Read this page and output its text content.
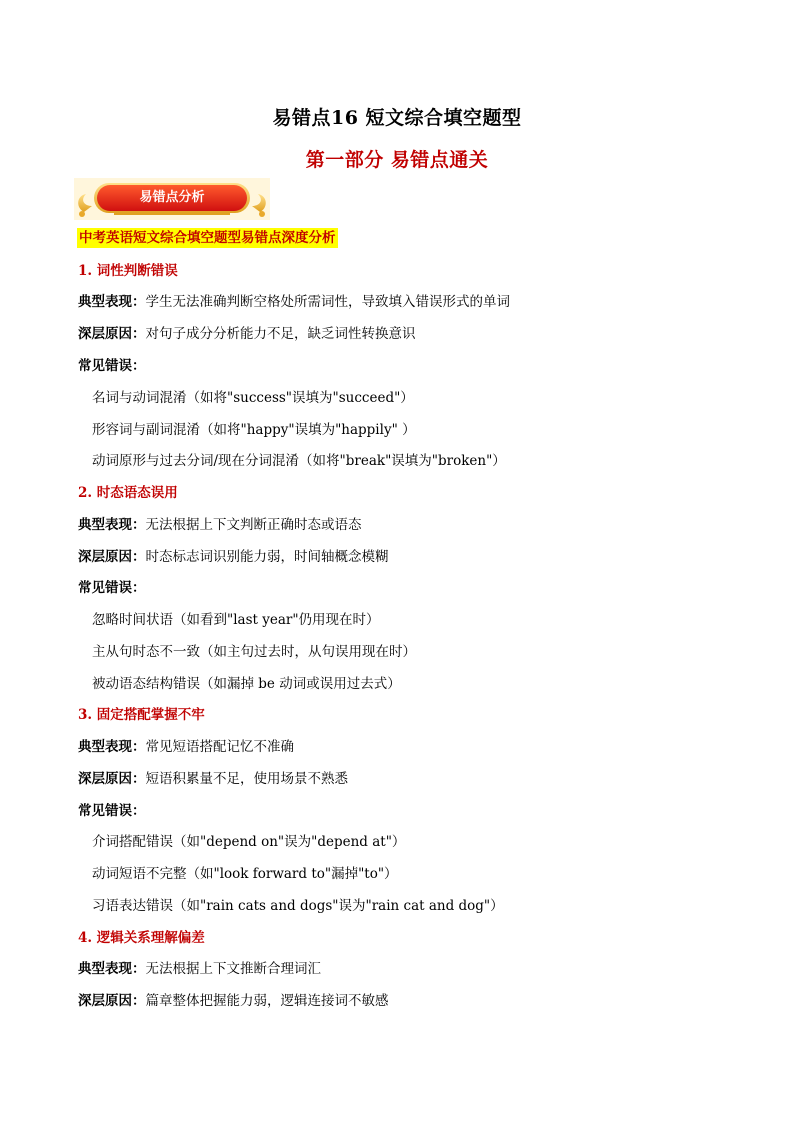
易错点16 短文综合填空题型
第一部分 易错点通关
易错点分析
中考英语短文综合填空题型易错点深度分析
1. 词性判断错误
典型表现：学生无法准确判断空格处所需词性，导致填入错误形式的单词
深层原因：对句子成分分析能力不足，缺乏词性转换意识
常见错误：
名词与动词混淆（如将"success"误填为"succeed"）
形容词与副词混淆（如将"happy"误填为"happily" ）
动词原形与过去分词/现在分词混淆（如将"break"误填为"broken"）
2. 时态语态误用
典型表现：无法根据上下文判断正确时态或语态
深层原因：时态标志词识别能力弱，时间轴概念模糊
常见错误：
忽略时间状语（如看到"last year"仍用现在时）
主从句时态不一致（如主句过去时，从句误用现在时）
被动语态结构错误（如漏掉 be 动词或误用过去式）
3. 固定搭配掌握不牢
典型表现：常见短语搭配记忆不准确
深层原因：短语积累量不足，使用场景不熟悉
常见错误：
介词搭配错误（如"depend on"误为"depend at"）
动词短语不完整（如"look forward to"漏掉"to"）
习语表达错误（如"rain cats and dogs"误为"rain cat and dog"）
4. 逻辑关系理解偏差
典型表现：无法根据上下文推断合理词汇
深层原因：篇章整体把握能力弱，逻辑连接词不敏感
